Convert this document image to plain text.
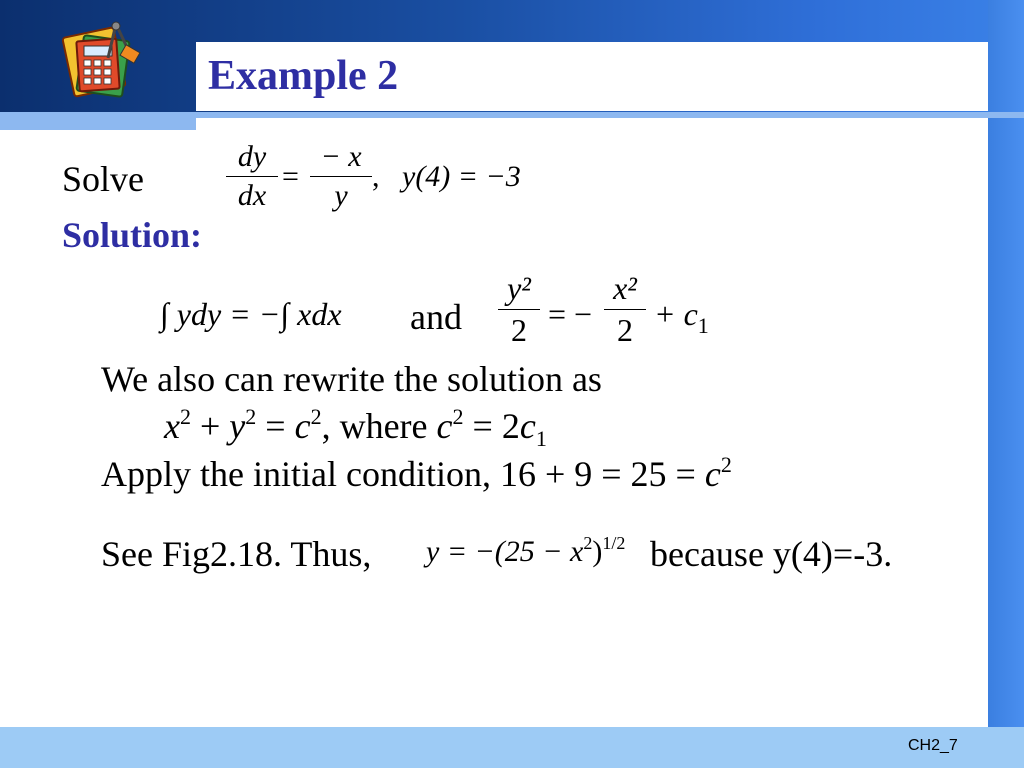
Example 2
Solve
dy
dx
=
− x
y
, y(4) = −3
Solution:
∫ ydy = −∫ xdx and
y²
2 = −
x²
$2 + c_1$
We also can rewrite the solution as
$x^2 + y^2 = c^2$, where $c^2 = 2c_1$
Apply the initial condition, $16 + 9 = 25 = c^2$
See Fig2.18. Thus, $y = -(25 - x^2)^{1/2}$ because y(4)=-3.
CH2_7
